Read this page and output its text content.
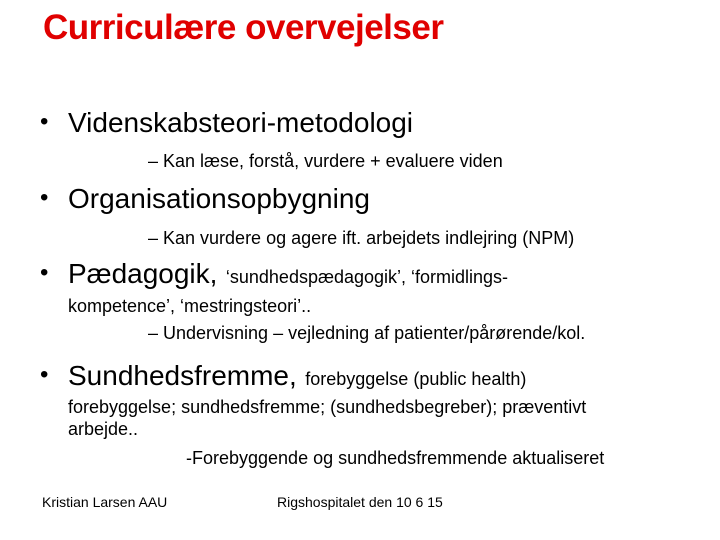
Curriculære overvejelser
• Videnskabsteori-metodologi
– Kan læse, forstå, vurdere + evaluere viden
• Organisationsopbygning
– Kan vurdere og agere ift. arbejdets indlejring (NPM)
• Pædagogik, ‘sundhedspædagogik’, ‘formidlings-
kompetence’, ‘mestringsteori’..
– Undervisning – vejledning af patienter/pårørende/kol.
• Sundhedsfremme, forebyggelse (public health)
forebyggelse; sundhedsfremme; (sundhedsbegreber); præventivt
arbejde..
-Forebyggende og sundhedsfremmende aktualiseret
Kristian Larsen AAU	Rigshospitalet den 10 6 15
